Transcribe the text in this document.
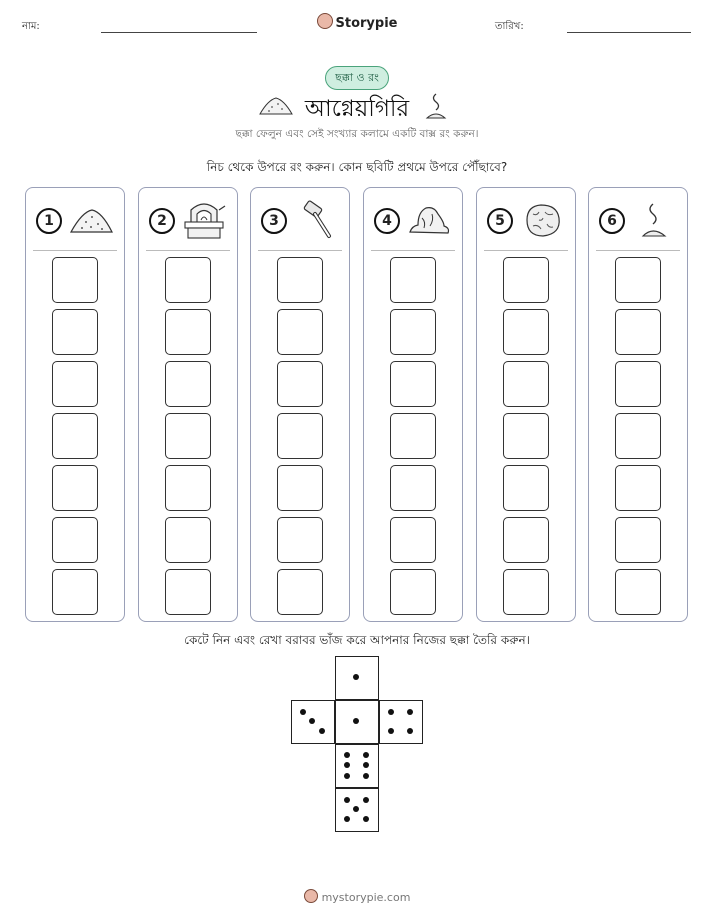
নাম:	Storypie	তারিখ:
ছক্কা ও রং
আগ্নেয়গিরি
ছক্কা ফেলুন এবং সেই সংখ্যার কলামে একটি বাক্স রং করুন।
নিচ থেকে উপরে রং করুন। কোন ছবিটি প্রথমে উপরে পৌঁছাবে?
1	2	3	4	5	6
কেটে নিন এবং রেখা বরাবর ভাঁজ করে আপনার নিজের ছক্কা তৈরি করুন।
mystorypie.com
